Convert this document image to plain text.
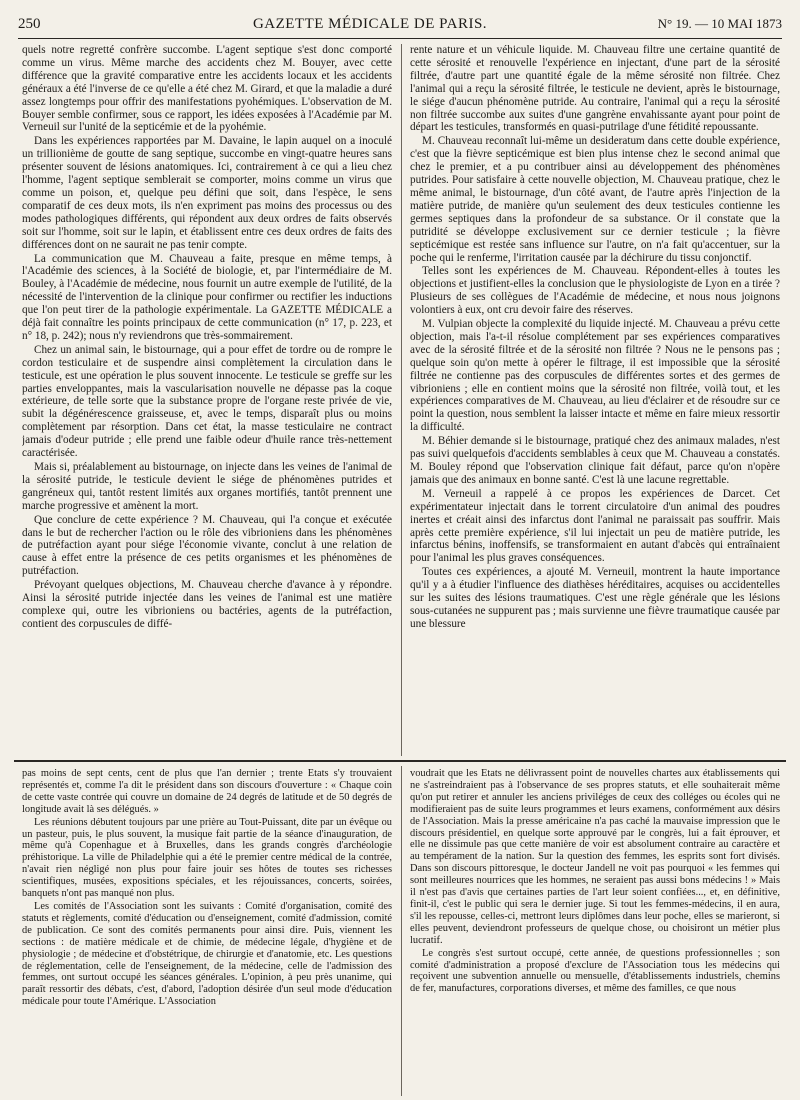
250	GAZETTE MÉDICALE DE PARIS.	N° 19. — 10 MAI 1873

quels notre regretté confrère succombe. L'agent septique s'est donc comporté comme un virus. Même marche des accidents chez M. Bouyer, avec cette différence que la gravité comparative entre les accidents locaux et les accidents généraux a été l'inverse de ce qu'elle a été chez M. Girard, et que la maladie a duré assez longtemps pour offrir des manifestations pyohémiques. L'observation de M. Bouyer semble confirmer, sous ce rapport, les idées exposées à l'Académie par M. Verneuil sur l'unité de la septicémie et de la pyohémie.

Dans les expériences rapportées par M. Davaine, le lapin auquel on a inoculé un trillionième de goutte de sang septique, succombe en vingt-quatre heures sans présenter souvent de lésions anatomiques. Ici, contrairement à ce qui a lieu chez l'homme, l'agent septique semblerait se comporter, moins comme un virus que comme un poison, et, quelque peu défini que soit, dans l'espèce, le sens comparatif de ces deux mots, ils n'en expriment pas moins des processus ou des modes pathologiques différents, qui répondent aux deux ordres de faits observés soit sur l'homme, soit sur le lapin, et établissent entre ces deux ordres de faits des différences dont on ne saurait ne pas tenir compte.

La communication que M. Chauveau a faite, presque en même temps, à l'Académie des sciences, à la Société de biologie, et, par l'intermédiaire de M. Bouley, à l'Académie de médecine, nous fournit un autre exemple de l'utilité, de la nécessité de l'intervention de la clinique pour confirmer ou rectifier les inductions que l'on peut tirer de la pathologie expérimentale. La GAZETTE MÉDICALE a déjà fait connaître les points principaux de cette communication (n° 17, p. 223, et n° 18, p. 242); nous n'y reviendrons que très-sommairement.

Chez un animal sain, le bistournage, qui a pour effet de tordre ou de rompre le cordon testiculaire et de suspendre ainsi complètement la circulation dans le testicule, est une opération le plus souvent innocente. Le testicule se greffe sur les parties enveloppantes, mais la vascularisation nouvelle ne dépasse pas la coque extérieure, de telle sorte que la substance propre de l'organe reste privée de vie, subit la dégénérescence graisseuse, et, avec le temps, disparaît plus ou moins complètement par résorption. Dans cet état, la masse testiculaire ne contract jamais d'odeur putride ; elle prend une faible odeur d'huile rance très-nettement caractérisée.

Mais si, préalablement au bistournage, on injecte dans les veines de l'animal de la sérosité putride, le testicule devient le siége de phénomènes putrides et gangréneux qui, tantôt restent limités aux organes mortifiés, tantôt prennent une marche progressive et amènent la mort.

Que conclure de cette expérience ? M. Chauveau, qui l'a conçue et exécutée dans le but de rechercher l'action ou le rôle des vibrioniens dans les phénomènes de putréfaction ayant pour siége l'économie vivante, conclut à une relation de cause à effet entre la présence de ces petits organismes et les phénomènes de putréfaction.

Prévoyant quelques objections, M. Chauveau cherche d'avance à y répondre. Ainsi la sérosité putride injectée dans les veines de l'animal est une matière complexe qui, outre les vibrioniens ou bactéries, agents de la putréfaction, contient des corpuscules de diffé-

rente nature et un véhicule liquide. M. Chauveau filtre une certaine quantité de cette sérosité et renouvelle l'expérience en injectant, d'une part de la sérosité filtrée, d'autre part une quantité égale de la même sérosité non filtrée. Chez l'animal qui a reçu la sérosité filtrée, le testicule ne devient, après le bistournage, le siége d'aucun phénomène putride. Au contraire, l'animal qui a reçu la sérosité non filtrée succombe aux suites d'une gangrène envahissante ayant pour point de départ les testicules, transformés en quasi-putrilage d'une fétidité repoussante.

M. Chauveau reconnaît lui-même un desideratum dans cette double expérience, c'est que la fièvre septicémique est bien plus intense chez le second animal que chez le premier, et a pu contribuer ainsi au développement des phénomènes putrides. Pour satisfaire à cette nouvelle objection, M. Chauveau pratique, chez le même animal, le bistournage, d'un côté avant, de l'autre après l'injection de la matière putride, de manière qu'un seulement des deux testicules contienne les germes septiques dans la profondeur de sa substance. Or il constate que la putridité se développe exclusivement sur ce dernier testicule ; la fièvre septicémique est restée sans influence sur l'autre, on n'a fait qu'accentuer, sur la poche qui le renferme, l'irritation causée par la déchirure du tissu conjonctif.

Telles sont les expériences de M. Chauveau. Répondent-elles à toutes les objections et justifient-elles la conclusion que le physiologiste de Lyon en a tirée ? Plusieurs de ses collègues de l'Académie de médecine, et nous nous joignons volontiers à eux, ont cru devoir faire des réserves.

M. Vulpian objecte la complexité du liquide injecté. M. Chauveau a prévu cette objection, mais l'a-t-il résolue complétement par ses expériences comparatives avec de la sérosité filtrée et de la sérosité non filtrée ? Nous ne le pensons pas ; quelque soin qu'on mette à opérer le filtrage, il est impossible que la sérosité filtrée ne contienne pas des corpuscules de différentes sortes et des germes de vibrioniens ; elle en contient moins que la sérosité non filtrée, voilà tout, et les expériences comparatives de M. Chauveau, au lieu d'éclairer et de résoudre sur ce point la question, nous semblent la laisser intacte et même en faire mieux ressortir la difficulté.

M. Béhier demande si le bistournage, pratiqué chez des animaux malades, n'est pas suivi quelquefois d'accidents semblables à ceux que M. Chauveau a constatés. M. Bouley répond que l'observation clinique fait défaut, parce qu'on n'opère jamais que des animaux en bonne santé. C'est là une lacune regrettable.

M. Verneuil a rappelé à ce propos les expériences de Darcet. Cet expérimentateur injectait dans le torrent circulatoire d'un animal des poudres inertes et créait ainsi des infarctus dont l'animal ne paraissait pas souffrir. Mais après cette première expérience, s'il lui injectait un peu de matière putride, les infarctus bénins, inoffensifs, se transformaient en autant d'abcès qui entraînaient pour l'animal les plus graves conséquences.

Toutes ces expériences, a ajouté M. Verneuil, montrent la haute importance qu'il y a à étudier l'influence des diathèses héréditaires, acquises ou accidentelles sur les suites des lésions traumatiques. C'est une règle générale que les lésions sous-cutanées ne suppurent pas ; mais survienne une fièvre traumatique causée par une blessure

pas moins de sept cents, cent de plus que l'an dernier ; trente Etats s'y trouvaient représentés et, comme l'a dit le président dans son discours d'ouverture : « Chaque coin de cette vaste contrée qui couvre un domaine de 24 degrés de latitude et de 50 degrés de longitude avait là ses délégués. »

Les réunions débutent toujours par une prière au Tout-Puissant, dite par un évêque ou un pasteur, puis, le plus souvent, la musique fait partie de la séance d'inauguration, de même qu'à Copenhague et à Bruxelles, dans les grands congrès d'archéologie préhistorique. La ville de Philadelphie qui a été le premier centre médical de la contrée, n'avait rien négligé non plus pour faire jouir ses hôtes de toutes ses richesses scientifiques, musées, expositions spéciales, et les réjouissances, concerts, soirées, banquets n'ont pas manqué non plus.

Les comités de l'Association sont les suivants : Comité d'organisation, comité des statuts et règlements, comité d'éducation ou d'enseignement, comité d'admission, comité de publication. Ce sont des comités permanents pour ainsi dire. Puis, viennent les sections : de matière médicale et de chimie, de médecine légale, d'hygiène et de physiologie ; de médecine et d'obstétrique, de chirurgie et d'anatomie, etc. Les questions de réglementation, celle de l'enseignement, de la médecine, celle de l'admission des femmes, ont surtout occupé les séances générales. L'opinion, à peu près unanime, qui paraît ressortir des débats, c'est, d'abord, l'adoption désirée d'un seul mode d'éducation médicale pour toute l'Amérique. L'Association

voudrait que les Etats ne délivrassent point de nouvelles chartes aux établissements qui ne s'astreindraient pas à l'observance de ses propres statuts, et elle souhaiterait même qu'on put retirer et annuler les anciens priviléges de ceux des colléges ou écoles qui ne modifieraient pas de suite leurs programmes et leurs examens, conformément aux désirs de l'Association. Mais la presse américaine n'a pas caché la mauvaise impression que le discours présidentiel, en quelque sorte approuvé par le congrès, lui a fait éprouver, et elle ne dissimule pas que cette manière de voir est absolument contraire au caractère et au tempérament de la nation. Sur la question des femmes, les esprits sont fort divisés. Dans son discours pittoresque, le docteur Jandell ne voit pas pourquoi « les femmes qui sont meilleures nourrices que les hommes, ne seraient pas aussi bons médecins ! » Mais il n'est pas d'avis que certaines parties de l'art leur soient confiées..., et, en définitive, finit-il, c'est le public qui sera le dernier juge. Si tout les femmes-médecins, il en aura, s'il les repousse, celles-ci, mettront leurs diplômes dans leur poche, elles se marieront, si elles peuvent, deviendront professeurs de quelque chose, ou choisiront un métier plus lucratif.

Le congrès s'est surtout occupé, cette année, de questions professionnelles ; son comité d'administration a proposé d'exclure de l'Association tous les médecins qui reçoivent une subvention annuelle ou mensuelle, d'établissements industriels, chemins de fer, manufactures, corporations diverses, et même des familles, ce que nous
